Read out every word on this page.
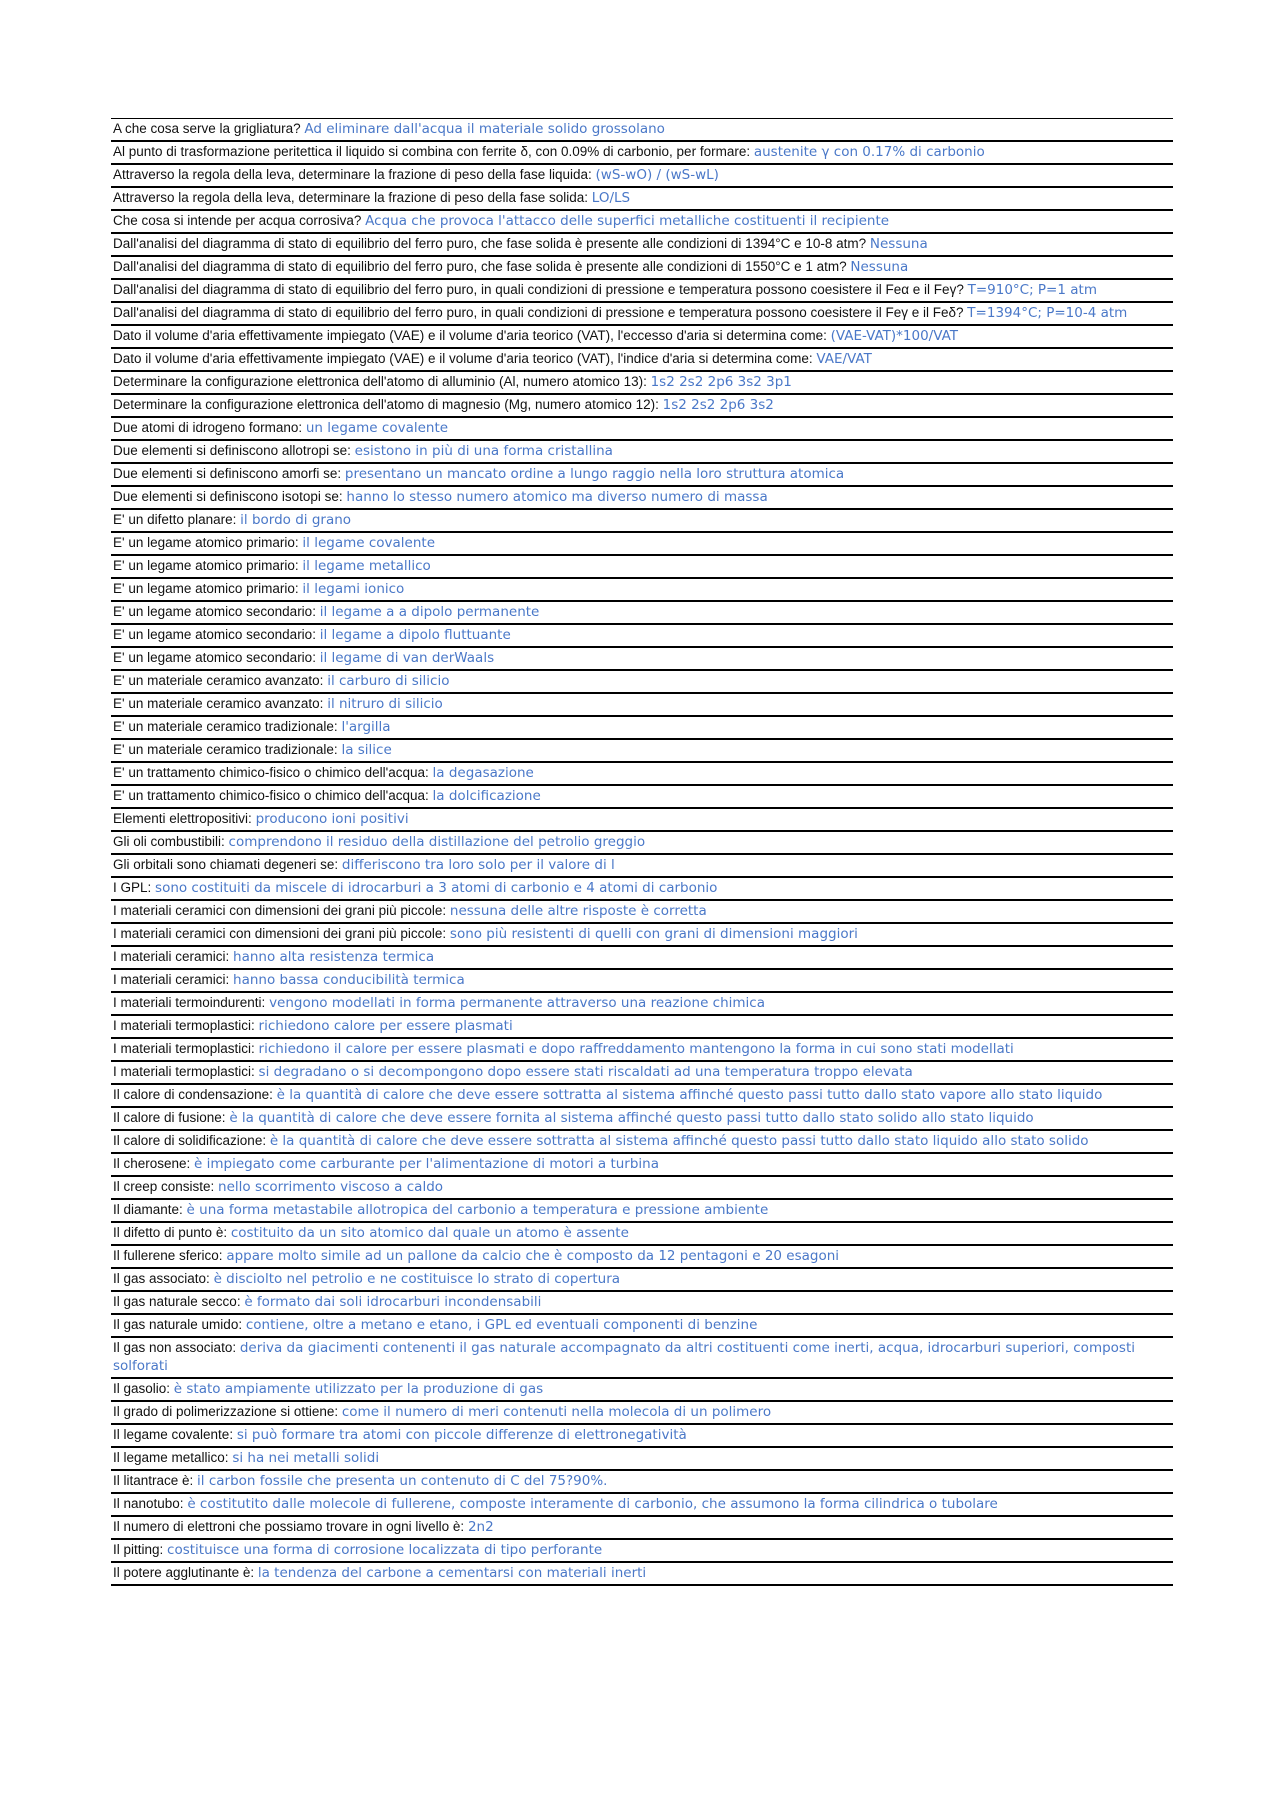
A che cosa serve la grigliatura? Ad eliminare dall'acqua il materiale solido grossolano
Al punto di trasformazione peritettica il liquido si combina con ferrite δ, con 0.09% di carbonio, per formare: austenite γ con 0.17% di carbonio
Attraverso la regola della leva, determinare la frazione di peso della fase liquida: (wS-wO) / (wS-wL)
Attraverso la regola della leva, determinare la frazione di peso della fase solida: LO/LS
Che cosa si intende per acqua corrosiva? Acqua che provoca l'attacco delle superfici metalliche costituenti il recipiente
Dall'analisi del diagramma di stato di equilibrio del ferro puro, che fase solida è presente alle condizioni di 1394°C e 10-8 atm? Nessuna
Dall'analisi del diagramma di stato di equilibrio del ferro puro, che fase solida è presente alle condizioni di 1550°C e 1 atm? Nessuna
Dall'analisi del diagramma di stato di equilibrio del ferro puro, in quali condizioni di pressione e temperatura possono coesistere il Feα e il Feγ? T=910°C; P=1 atm
Dall'analisi del diagramma di stato di equilibrio del ferro puro, in quali condizioni di pressione e temperatura possono coesistere il Feγ e il Feδ? T=1394°C; P=10-4 atm
Dato il volume d'aria effettivamente impiegato (VAE) e il volume d'aria teorico (VAT), l'eccesso d'aria si determina come: (VAE-VAT)*100/VAT
Dato il volume d'aria effettivamente impiegato (VAE) e il volume d'aria teorico (VAT), l'indice d'aria si determina come: VAE/VAT
Determinare la configurazione elettronica dell'atomo di alluminio (Al, numero atomico 13): 1s2 2s2 2p6 3s2 3p1
Determinare la configurazione elettronica dell'atomo di magnesio (Mg, numero atomico 12): 1s2 2s2 2p6 3s2
Due atomi di idrogeno formano: un legame covalente
Due elementi si definiscono allotropi se: esistono in più di una forma cristallina
Due elementi si definiscono amorfi se: presentano un mancato ordine a lungo raggio nella loro struttura atomica
Due elementi si definiscono isotopi se: hanno lo stesso numero atomico ma diverso numero di massa
E' un difetto planare: il bordo di grano
E' un legame atomico primario: il legame covalente
E' un legame atomico primario: il legame metallico
E' un legame atomico primario: il legami ionico
E' un legame atomico secondario: il legame a a dipolo permanente
E' un legame atomico secondario: il legame a dipolo fluttuante
E' un legame atomico secondario: il legame di van derWaals
E' un materiale ceramico avanzato: il carburo di silicio
E' un materiale ceramico avanzato: il nitruro di silicio
E' un materiale ceramico tradizionale: l'argilla
E' un materiale ceramico tradizionale: la silice
E' un trattamento chimico-fisico o chimico dell'acqua: la degasazione
E' un trattamento chimico-fisico o chimico dell'acqua: la dolcificazione
Elementi elettropositivi: producono ioni positivi
Gli oli combustibili: comprendono il residuo della distillazione del petrolio greggio
Gli orbitali sono chiamati degeneri se: differiscono tra loro solo per il valore di l
I GPL: sono costituiti da miscele di idrocarburi a 3 atomi di carbonio e 4 atomi di carbonio
I materiali ceramici con dimensioni dei grani più piccole: nessuna delle altre risposte è corretta
I materiali ceramici con dimensioni dei grani più piccole: sono più resistenti di quelli con grani di dimensioni maggiori
I materiali ceramici: hanno alta resistenza termica
I materiali ceramici: hanno bassa conducibilità termica
I materiali termoindurenti: vengono modellati in forma permanente attraverso una reazione chimica
I materiali termoplastici: richiedono calore per essere plasmati
I materiali termoplastici: richiedono il calore per essere plasmati e dopo raffreddamento mantengono la forma in cui sono stati modellati
I materiali termoplastici: si degradano o si decompongono dopo essere stati riscaldati ad una temperatura troppo elevata
Il calore di condensazione: è la quantità di calore che deve essere sottratta al sistema affinché questo passi tutto dallo stato vapore allo stato liquido
Il calore di fusione: è la quantità di calore che deve essere fornita al sistema affinché questo passi tutto dallo stato solido allo stato liquido
Il calore di solidificazione: è la quantità di calore che deve essere sottratta al sistema affinché questo passi tutto dallo stato liquido allo stato solido
Il cherosene: è impiegato come carburante per l'alimentazione di motori a turbina
Il creep consiste: nello scorrimento viscoso a caldo
Il diamante: è una forma metastabile allotropica del carbonio a temperatura e pressione ambiente
Il difetto di punto è: costituito da un sito atomico dal quale un atomo è assente
Il fullerene sferico: appare molto simile ad un pallone da calcio che è composto da 12 pentagoni e 20 esagoni
Il gas associato: è disciolto nel petrolio e ne costituisce lo strato di copertura
Il gas naturale secco: è formato dai soli idrocarburi incondensabili
Il gas naturale umido: contiene, oltre a metano e etano, i GPL ed eventuali componenti di benzine
Il gas non associato: deriva da giacimenti contenenti il gas naturale accompagnato da altri costituenti come inerti, acqua, idrocarburi superiori, composti solforati
Il gasolio: è stato ampiamente utilizzato per la produzione di gas
Il grado di polimerizzazione si ottiene: come il numero di meri contenuti nella molecola di un polimero
Il legame covalente: si può formare tra atomi con piccole differenze di elettronegatività
Il legame metallico: si ha nei metalli solidi
Il litantrace è: il carbon fossile che presenta un contenuto di C del 75?90%.
Il nanotubo: è costitutito dalle molecole di fullerene, composte interamente di carbonio, che assumono la forma cilindrica o tubolare
Il numero di elettroni che possiamo trovare in ogni livello è: 2n2
Il pitting: costituisce una forma di corrosione localizzata di tipo perforante
Il potere agglutinante è: la tendenza del carbone a cementarsi con materiali inerti
